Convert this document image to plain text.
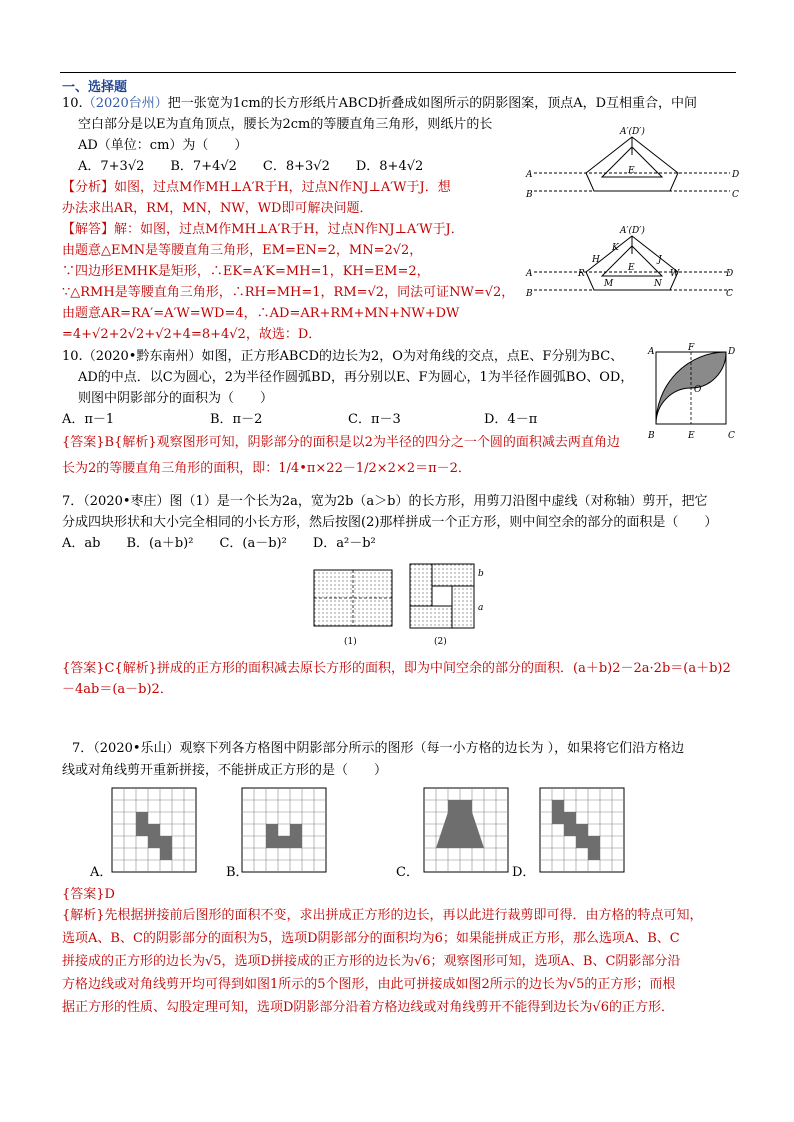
一、选择题
10.（2020台州）把一张宽为1cm的长方形纸片ABCD折叠成如图所示的阴影图案，顶点A，D互相重合，中间
空白部分是以E为直角顶点，腰长为2cm的等腰直角三角形，则纸片的长
AD（单位：cm）为（　　）
A．7+3√2　　B．7+4√2　　C．8+3√2　　D．8+4√2
【分析】如图，过点M作MH⊥A′R于H，过点N作NJ⊥A′W于J．想
办法求出AR，RM，MN，NW，WD即可解决问题．
【解答】解：如图，过点M作MH⊥A′R于H，过点N作NJ⊥A′W于J．
由题意△EMN是等腰直角三角形，EM=EN=2，MN=2√2，
∵四边形EMHK是矩形，∴EK=A′K=MH=1，KH=EM=2，
∵△RMH是等腰直角三角形，∴RH=MH=1，RM=√2，同法可证NW=√2，
由题意AR=RA′=A′W=WD=4，∴AD=AR+RM+MN+NW+DW
=4+√2+2√2+√2+4=8+4√2，故选：D．
A′(D′)
E
A
B
D
C
A′(D′)
K
H
R
E
J
W
M	N
A
B
D
C
10.（2020•黔东南州）如图，正方形ABCD的边长为2，O为对角线的交点，点E、F分别为BC、
AD的中点．以C为圆心，2为半径作圆弧BD，再分别以E、F为圆心，1为半径作圆弧BO、OD，
则图中阴影部分的面积为（　　）
A．π－1	B．π－2	C．π－3	D．4－π
{答案}B{解析}观察图形可知，阴影部分的面积是以2为半径的四分之一个圆的面积减去两直角边
长为2的等腰直角三角形的面积，即：1/4•π×22－1/2×2×2＝π－2．
A	F	D
O
B	E	C
7．（2020•枣庄）图（1）是一个长为2a，宽为2b（a＞b）的长方形，用剪刀沿图中虚线（对称轴）剪开，把它
分成四块形状和大小完全相同的小长方形，然后按图(2)那样拼成一个正方形，则中间空余的部分的面积是（　　）
A．ab　　B．(a＋b)²　　C．(a－b)²　　D．a²－b²
b
a
(1)	(2)
{答案}C{解析}拼成的正方形的面积减去原长方形的面积，即为中间空余的部分的面积．(a＋b)2－2a·2b＝(a＋b)2
－4ab＝(a－b)2．
7．（2020•乐山）观察下列各方格图中阴影部分所示的图形（每一小方格的边长为 ），如果将它们沿方格边
线或对角线剪开重新拼接，不能拼成正方形的是（　　）
A．	B．	C．	D．
{答案}D
{解析}先根据拼接前后图形的面积不变，求出拼成正方形的边长，再以此进行裁剪即可得．由方格的特点可知，
选项A、B、C的阴影部分的面积为5，选项D阴影部分的面积均为6；如果能拼成正方形，那么选项A、B、C
拼接成的正方形的边长为√5，选项D拼接成的正方形的边长为√6；观察图形可知，选项A、B、C阴影部分沿
方格边线或对角线剪开均可得到如图1所示的5个图形，由此可拼接成如图2所示的边长为√5的正方形；而根
据正方形的性质、勾股定理可知，选项D阴影部分沿着方格边线或对角线剪开不能得到边长为√6的正方形．
